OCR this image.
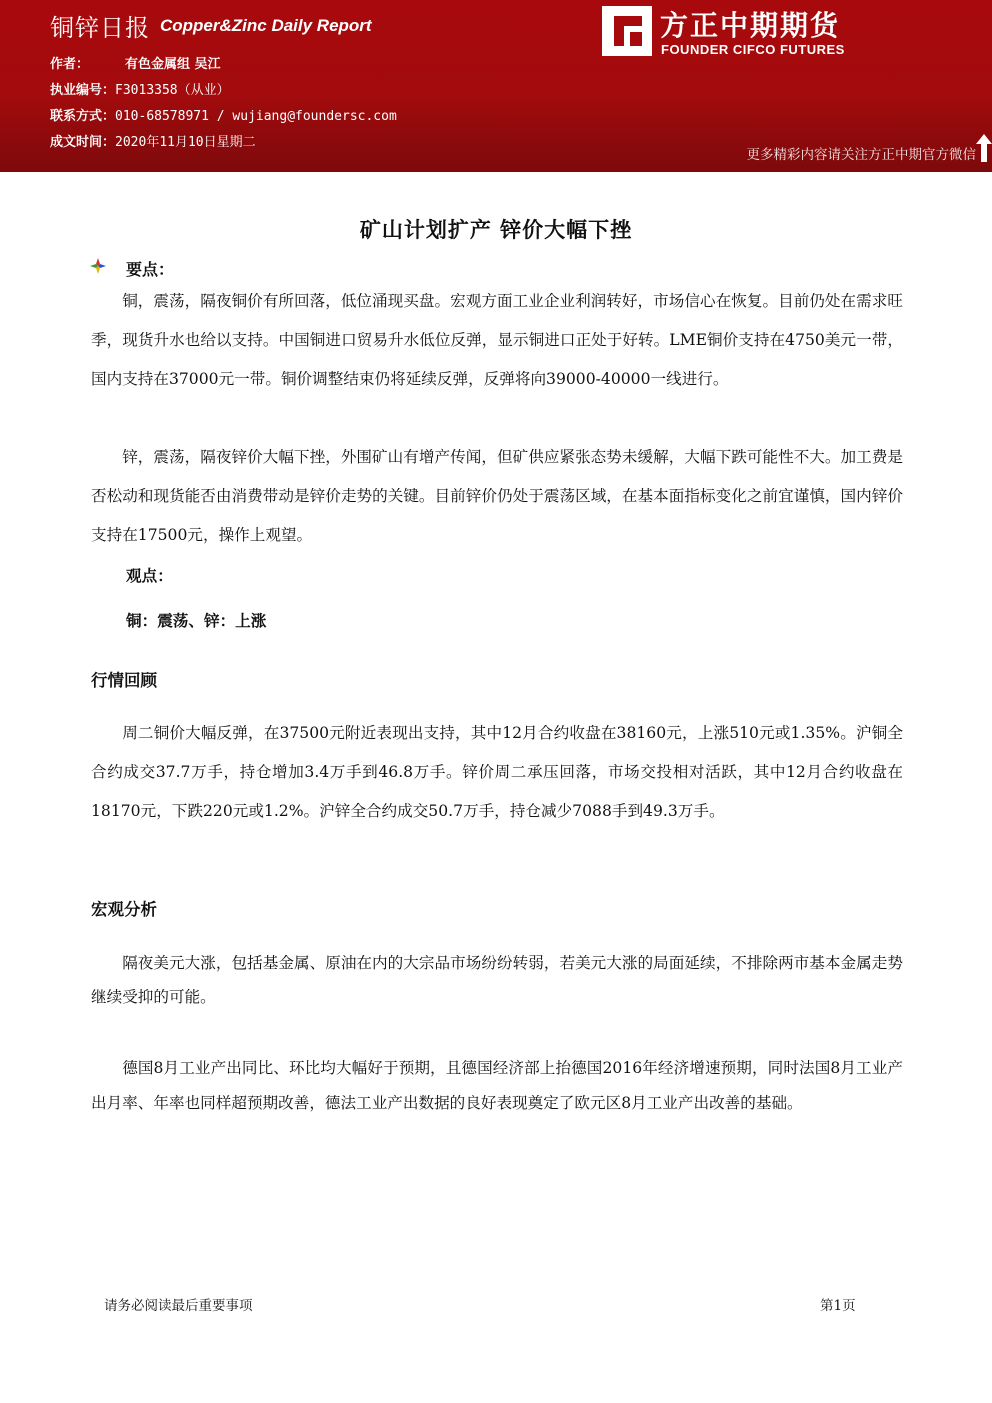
铜锌日报 Copper&Zinc Daily Report
作者：	有色金属组 吴江
执业编号：F3013358（从业）
联系方式：010-68578971 / wujiang@foundersc.com
成文时间：2020年11月10日星期二
方正中期期货
FOUNDER CIFCO FUTURES
更多精彩内容请关注方正中期官方微信
矿山计划扩产 锌价大幅下挫
要点：

铜，震荡，隔夜铜价有所回落，低位涌现买盘。宏观方面工业企业利润转好，市场信心在恢复。目前仍处在需求旺季，现货升水也给以支持。中国铜进口贸易升水低位反弹，显示铜进口正处于好转。LME铜价支持在4750美元一带，国内支持在37000元一带。铜价调整结束仍将延续反弹，反弹将向39000-40000一线进行。

锌，震荡，隔夜锌价大幅下挫，外围矿山有增产传闻，但矿供应紧张态势未缓解，大幅下跌可能性不大。加工费是否松动和现货能否由消费带动是锌价走势的关键。目前锌价仍处于震荡区域，在基本面指标变化之前宜谨慎，国内锌价支持在17500元，操作上观望。

观点：
铜：震荡、锌：上涨
行情回顾

周二铜价大幅反弹，在37500元附近表现出支持，其中12月合约收盘在38160元，上涨510元或1.35%。沪铜全合约成交37.7万手，持仓增加3.4万手到46.8万手。锌价周二承压回落，市场交投相对活跃，其中12月合约收盘在18170元，下跌220元或1.2%。沪锌全合约成交50.7万手，持仓减少7088手到49.3万手。

宏观分析

隔夜美元大涨，包括基金属、原油在内的大宗品市场纷纷转弱，若美元大涨的局面延续，不排除两市基本金属走势继续受抑的可能。

德国8月工业产出同比、环比均大幅好于预期，且德国经济部上抬德国2016年经济增速预期，同时法国8月工业产出月率、年率也同样超预期改善，德法工业产出数据的良好表现奠定了欧元区8月工业产出改善的基础。

请务必阅读最后重要事项	第1页
